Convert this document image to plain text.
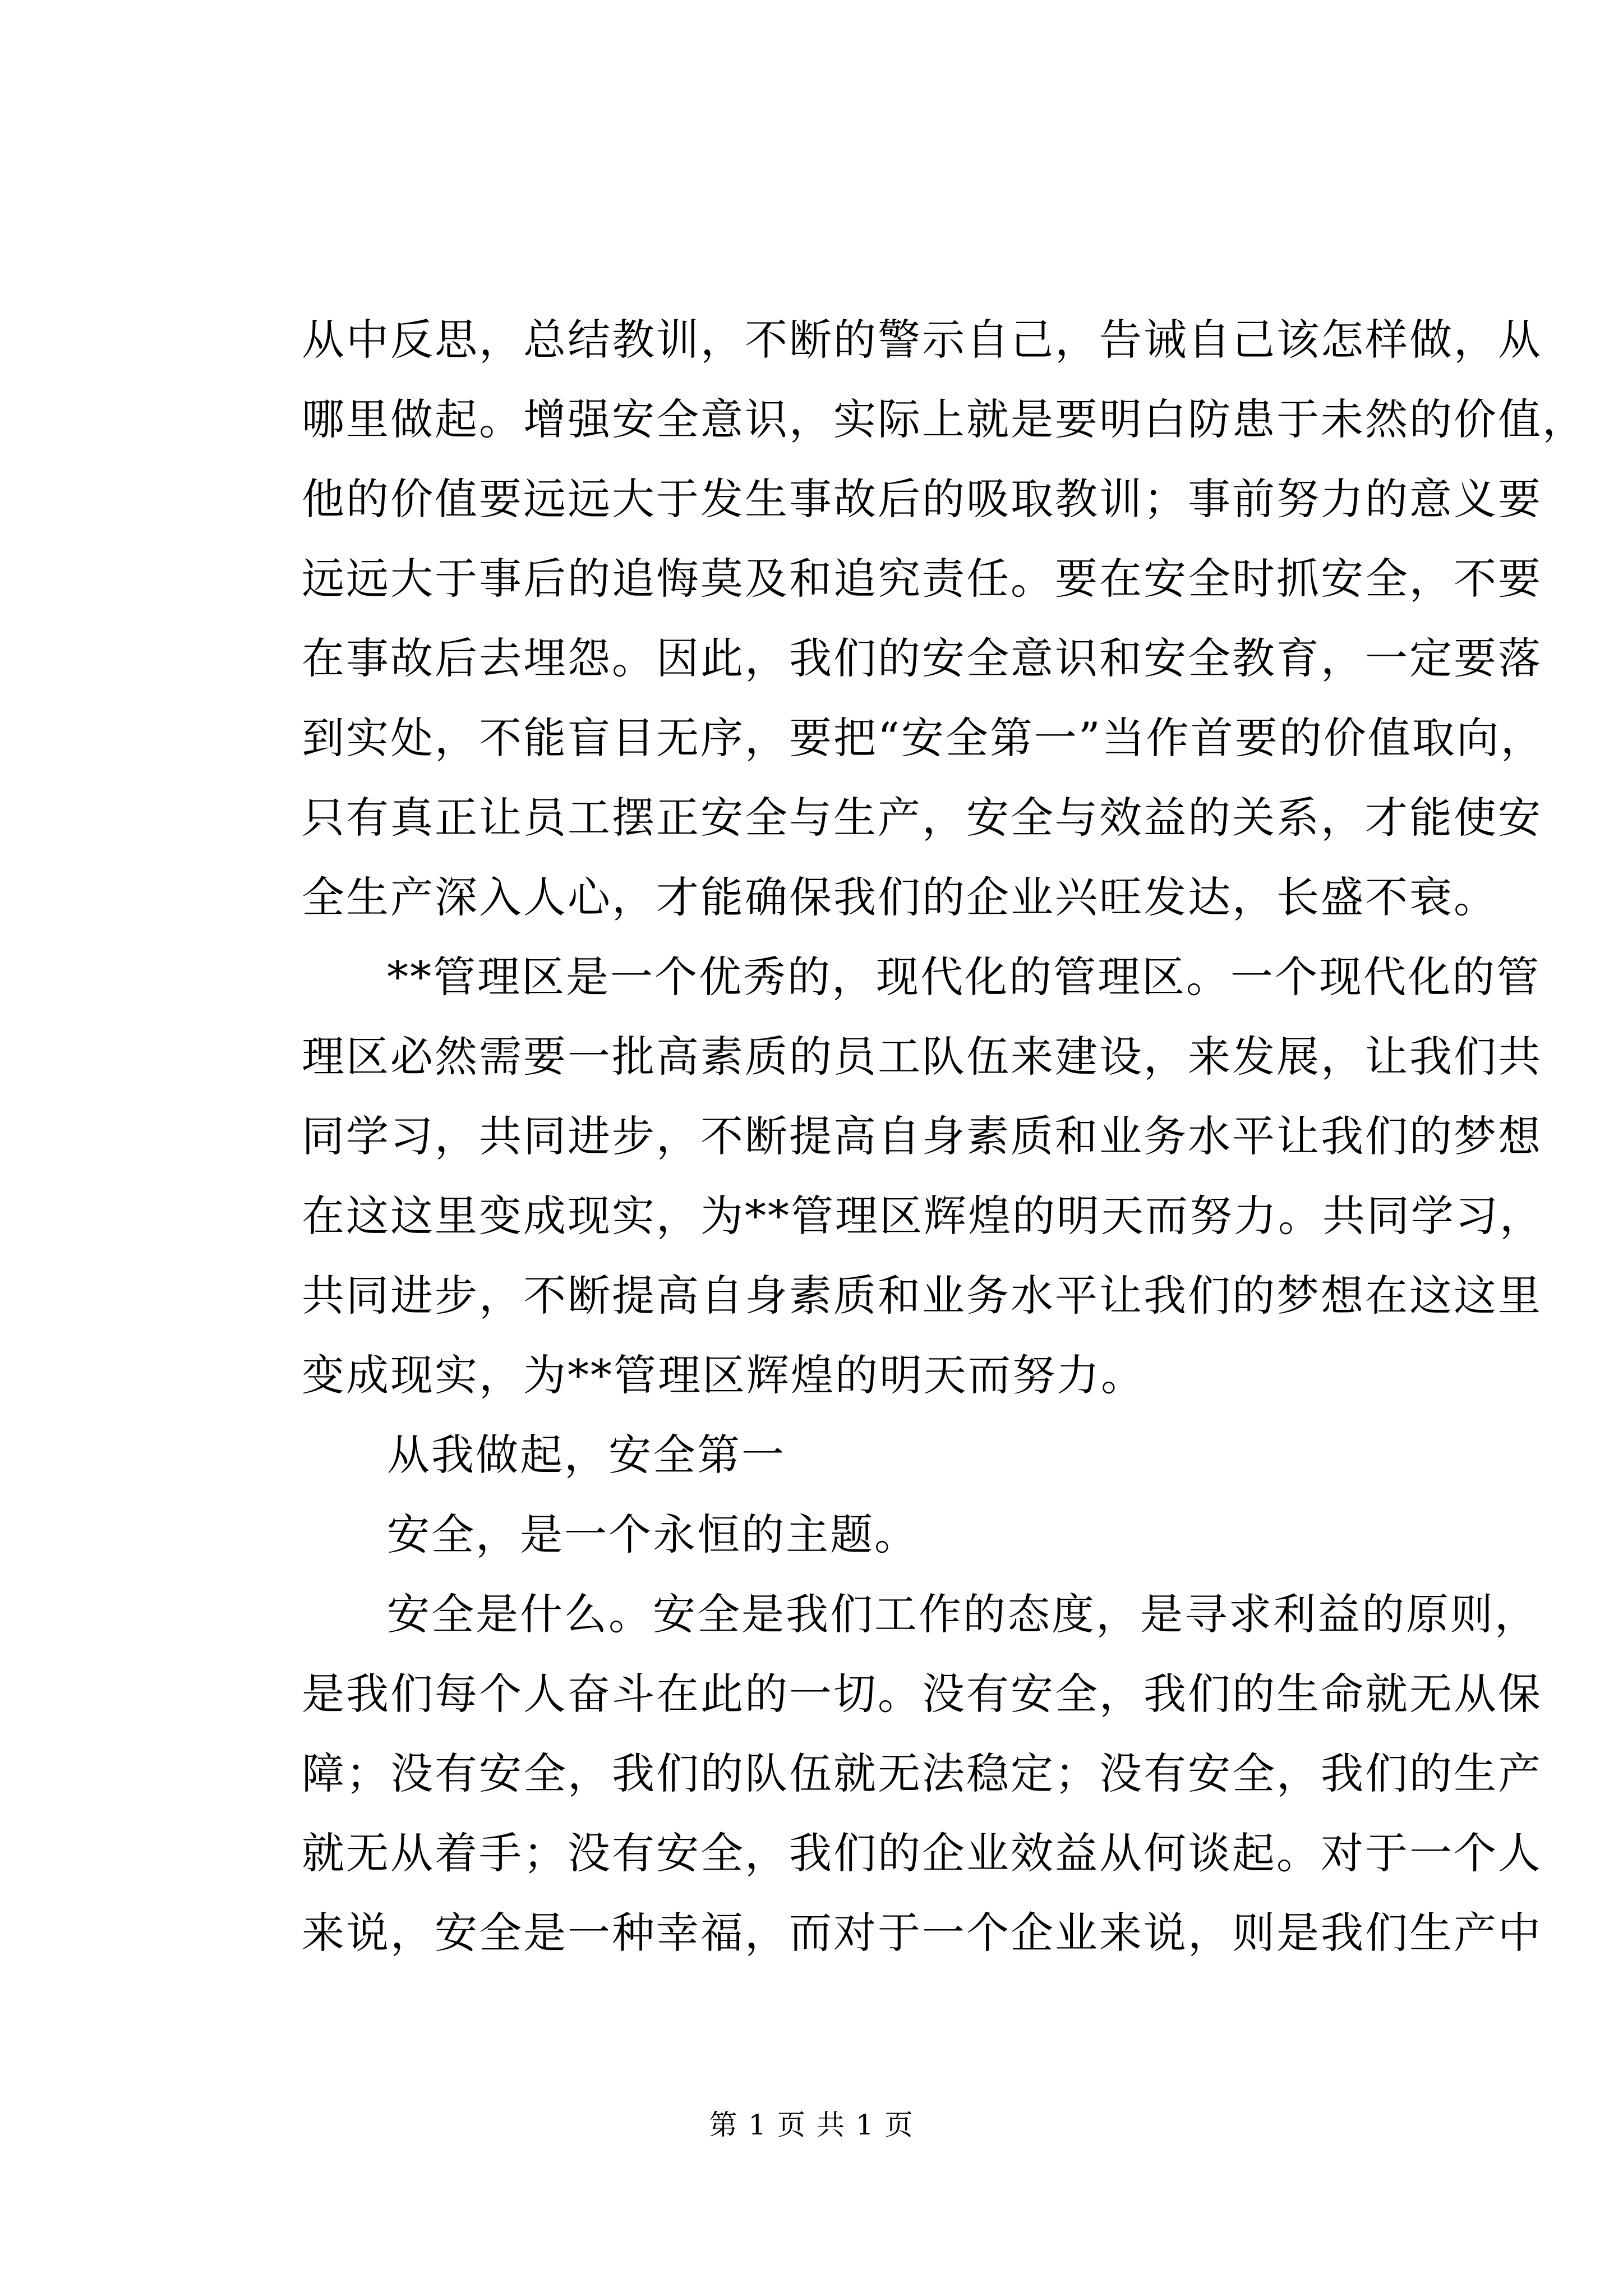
从中反思，总结教训，不断的警示自己，告诫自己该怎样做，从
哪里做起。增强安全意识，实际上就是要明白防患于未然的价值，
他的价值要远远大于发生事故后的吸取教训；事前努力的意义要
远远大于事后的追悔莫及和追究责任。要在安全时抓安全，不要
在事故后去埋怨。因此，我们的安全意识和安全教育，一定要落
到实处，不能盲目无序，要把“安全第一”当作首要的价值取向，
只有真正让员工摆正安全与生产，安全与效益的关系，才能使安
全生产深入人心，才能确保我们的企业兴旺发达，长盛不衰。
**管理区是一个优秀的，现代化的管理区。一个现代化的管
理区必然需要一批高素质的员工队伍来建设，来发展，让我们共
同学习，共同进步，不断提高自身素质和业务水平让我们的梦想
在这这里变成现实，为**管理区辉煌的明天而努力。共同学习，
共同进步，不断提高自身素质和业务水平让我们的梦想在这这里
变成现实，为**管理区辉煌的明天而努力。
从我做起，安全第一
安全，是一个永恒的主题。
安全是什么。安全是我们工作的态度，是寻求利益的原则，
是我们每个人奋斗在此的一切。没有安全，我们的生命就无从保
障；没有安全，我们的队伍就无法稳定；没有安全，我们的生产
就无从着手；没有安全，我们的企业效益从何谈起。对于一个人
来说，安全是一种幸福，而对于一个企业来说，则是我们生产中
第 1 页 共 1 页
